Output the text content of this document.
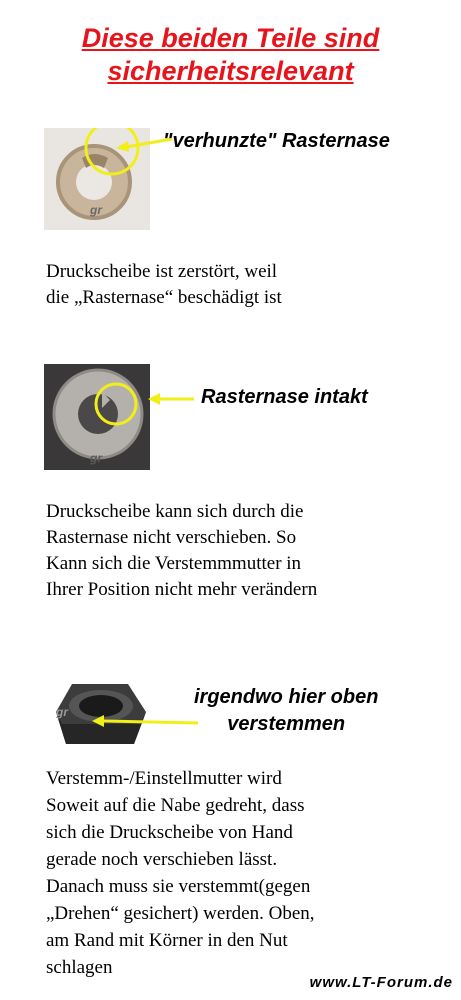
Diese beiden Teile sind
sicherheitsrelevant
gr
"verhunzte" Rasternase
Druckscheibe ist zerstört, weil
die „Rasternase“ beschädigt ist
gr
Rasternase intakt
Druckscheibe kann sich durch die
Rasternase nicht verschieben. So
Kann sich die Verstemmmutter in
Ihrer Position nicht mehr verändern
gr
irgendwo hier oben
verstemmen
Verstemm-/Einstellmutter wird
Soweit auf die Nabe gedreht, dass
sich die Druckscheibe von Hand
gerade noch verschieben lässt.
Danach muss sie verstemmt(gegen
„Drehen“ gesichert) werden. Oben,
am Rand mit Körner in den Nut
schlagen
www.LT-Forum.de
